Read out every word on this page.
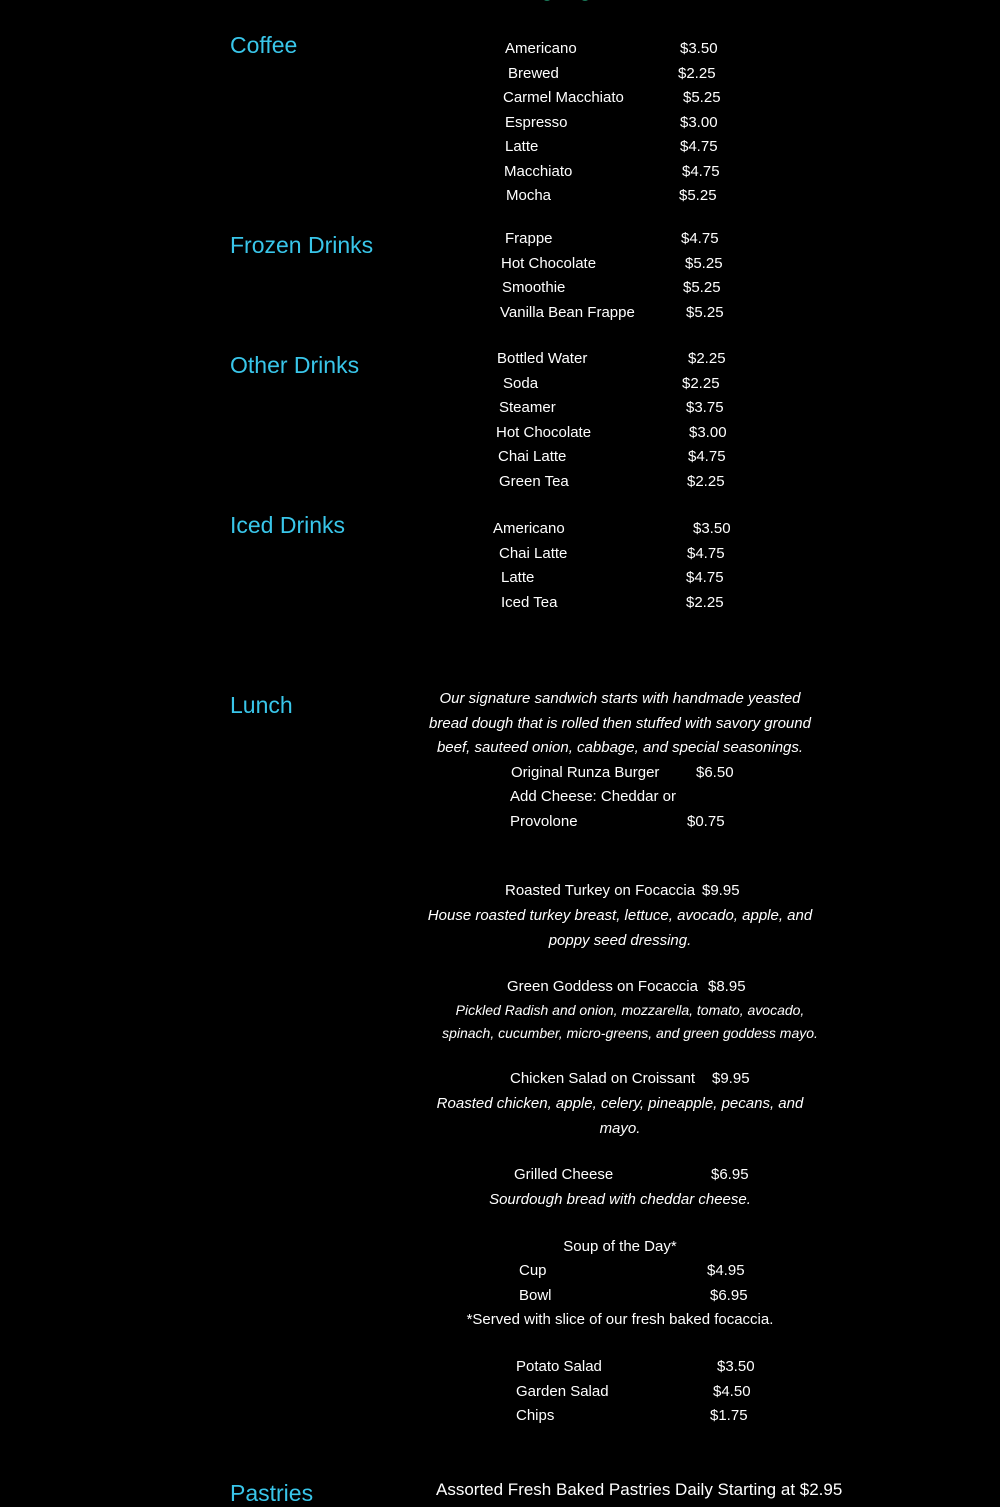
Coffee	Americano	$3.50
Brewed	$2.25
Carmel Macchiato	$5.25
Espresso	$3.00
Latte	$4.75
Macchiato	$4.75
Mocha	$5.25
Frozen Drinks	Frappe	$4.75
Hot Chocolate	$5.25
Smoothie	$5.25
Vanilla Bean Frappe	$5.25
Other Drinks	Bottled Water	$2.25
Soda	$2.25
Steamer	$3.75
Hot Chocolate	$3.00
Chai Latte	$4.75
Green Tea	$2.25
Iced Drinks	Americano	$3.50
Chai Latte	$4.75
Latte	$4.75
Iced Tea	$2.25
Lunch	Our signature sandwich starts with handmade yeasted
bread dough that is rolled then stuffed with savory ground
beef, sauteed onion, cabbage, and special seasonings.
Original Runza Burger $6.50
Add Cheese: Cheddar or
Provolone	$0.75
Roasted Turkey on Focaccia $9.95
House roasted turkey breast, lettuce, avocado, apple, and
poppy seed dressing.
Green Goddess on Focaccia $8.95
Pickled Radish and onion, mozzarella, tomato, avocado,
spinach, cucumber, micro-greens, and green goddess mayo.
Chicken Salad on Croissant $9.95
Roasted chicken, apple, celery, pineapple, pecans, and
mayo.
Grilled Cheese	$6.95
Sourdough bread with cheddar cheese.
Soup of the Day*
Cup	$4.95
Bowl	$6.95
*Served with slice of our fresh baked focaccia.
Potato Salad	$3.50
Garden Salad	$4.50
Chips	$1.75
Pastries	Assorted Fresh Baked Pastries Daily Starting at $2.95
